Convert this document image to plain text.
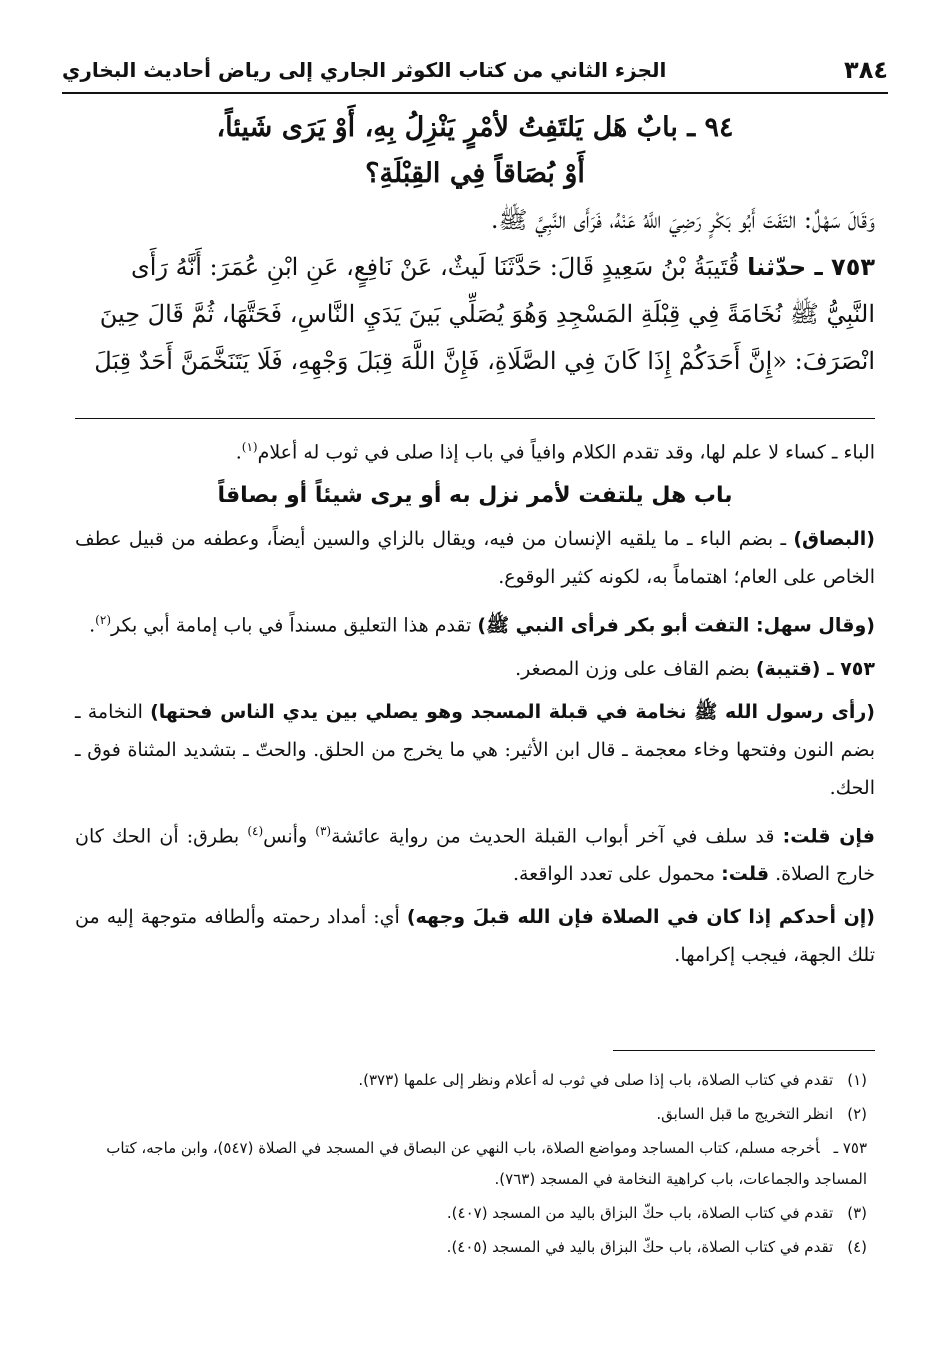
٣٨٤
الجزء الثاني من كتاب الكوثر الجاري إلى رياض أحاديث البخاري

٩٤ ـ بابٌ هَل يَلتَفِتُ لأمْرٍ يَنْزِلُ بِهِ، أَوْ يَرَى شَيئاً،

أَوْ بُصَاقاً فِي القِبْلَةِ؟

وَقَالَ سَهْلٌ: التَفَتَ أَبُو بَكْرٍ رَضِيَ اللَّهُ عَنْهُ، فَرَأَى النَّبِيَّ ﷺ.

٧٥٣ ـ حدّثنا قُتَيبَةُ بْنُ سَعِيدٍ قَالَ: حَدَّثَنَا لَيثٌ، عَنْ نَافِعٍ، عَنِ ابْنِ عُمَرَ: أَنَّهُ رَأَى

النَّبِيُّ ﷺ نُخَامَةً فِي قِبْلَةِ المَسْجِدِ وَهُوَ يُصَلِّي بَينَ يَدَيِ النَّاسِ، فَحَتَّهَا، ثُمَّ قَالَ حِينَ

انْصَرَفَ: «إِنَّ أَحَدَكُمْ إِذَا كَانَ فِي الصَّلَاةِ، فَإِنَّ اللَّهَ قِبَلَ وَجْهِهِ، فَلَا يَتَنَخَّمَنَّ أَحَدٌ قِبَلَ

الباء ـ كساء لا علم لها، وقد تقدم الكلام وافياً في باب إذا صلى في ثوب له أعلام$^{(١)}$.

باب هل يلتفت لأمر نزل به أو يرى شيئاً أو بصاقاً

(البصاق) ـ بضم الباء ـ ما يلقيه الإنسان من فيه، ويقال بالزاي والسين أيضاً، وعطفه من قبيل عطف الخاص على العام؛ اهتماماً به، لكونه كثير الوقوع.

(وقال سهل: التفت أبو بكر فرأى النبي ﷺ) تقدم هذا التعليق مسنداً في باب إمامة أبي بكر$^{(٢)}$.

٧٥٣ ـ (قتيبة) بضم القاف على وزن المصغر.

(رأى رسول الله ﷺ نخامة في قبلة المسجد وهو يصلي بين يدي الناس فحتها) النخامة ـ بضم النون وفتحها وخاء معجمة ـ قال ابن الأثير: هي ما يخرج من الحلق. والحتّ ـ بتشديد المثناة فوق ـ الحك.

فإن قلت: قد سلف في آخر أبواب القبلة الحديث من رواية عائشة$^{(٣)}$ وأنس$^{(٤)}$ بطرق: أن الحك كان خارج الصلاة. قلت: محمول على تعدد الواقعة.

(إن أحدكم إذا كان في الصلاة فإن الله قبلَ وجهه) أي: أمداد رحمته وألطافه متوجهة إليه من تلك الجهة، فيجب إكرامها.

(١)تقدم في كتاب الصلاة، باب إذا صلى في ثوب له أعلام ونظر إلى علمها (٣٧٣).

(٢)انظر التخريج ما قبل السابق.

٧٥٣ ـأخرجه مسلم، كتاب المساجد ومواضع الصلاة، باب النهي عن البصاق في المسجد في الصلاة (٥٤٧)، وابن ماجه، كتاب المساجد والجماعات، باب كراهية النخامة في المسجد (٧٦٣).

(٣)تقدم في كتاب الصلاة، باب حكّ البزاق باليد من المسجد (٤٠٧).

(٤)تقدم في كتاب الصلاة، باب حكّ البزاق باليد في المسجد (٤٠٥).
